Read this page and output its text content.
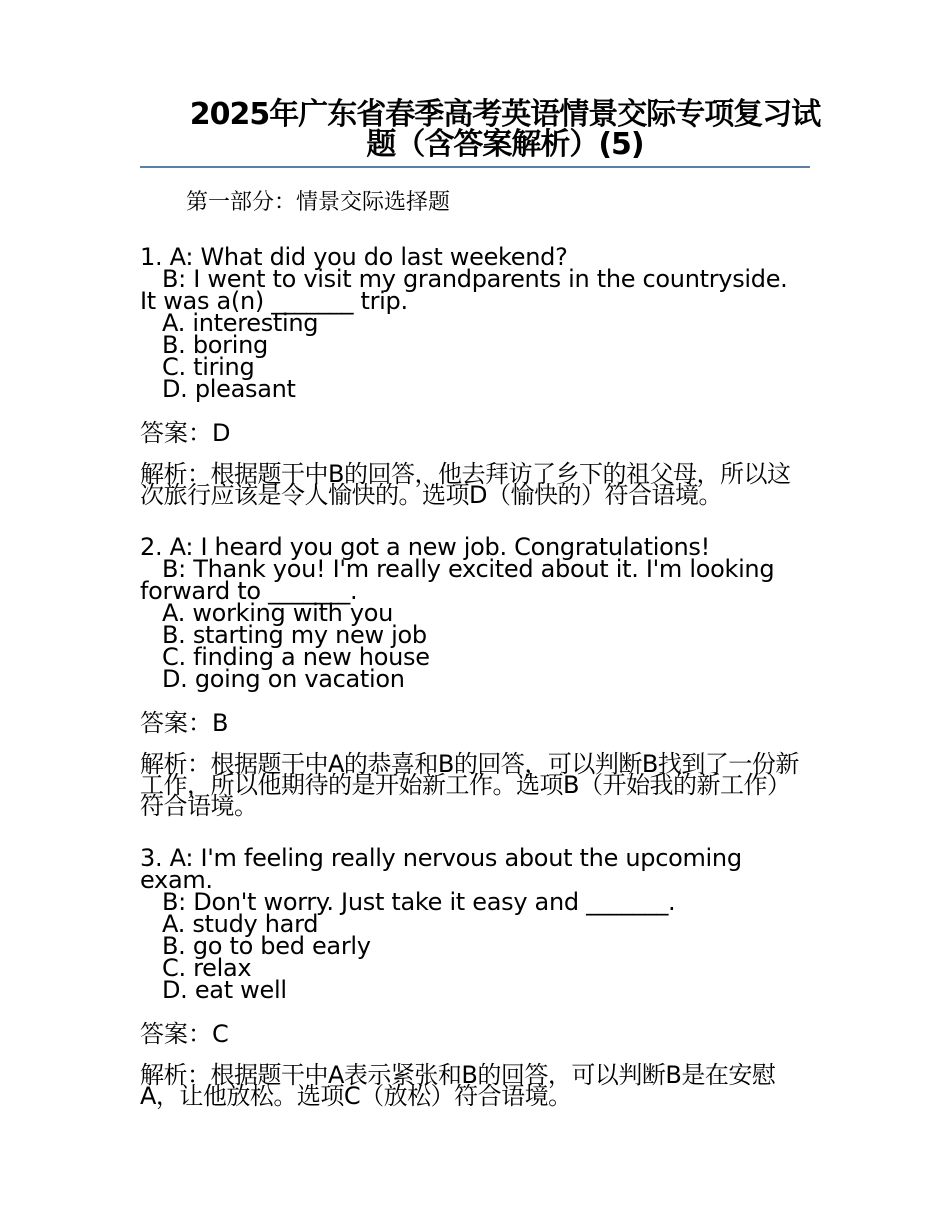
2025年广东省春季高考英语情景交际专项复习试题（含答案解析）(5)
第一部分：情景交际选择题
1. A: What did you do last weekend?
B: I went to visit my grandparents in the countryside. It was a(n) _______ trip.
A. interesting
B. boring
C. tiring
D. pleasant
答案：D
解析：根据题干中B的回答，他去拜访了乡下的祖父母，所以这次旅行应该是令人愉快的。选项D（愉快的）符合语境。
2. A: I heard you got a new job. Congratulations!
B: Thank you! I'm really excited about it. I'm looking forward to _______.
A. working with you
B. starting my new job
C. finding a new house
D. going on vacation
答案：B
解析：根据题干中A的恭喜和B的回答，可以判断B找到了一份新工作，所以他期待的是开始新工作。选项B（开始我的新工作）符合语境。
3. A: I'm feeling really nervous about the upcoming exam.
B: Don't worry. Just take it easy and _______.
A. study hard
B. go to bed early
C. relax
D. eat well
答案：C
解析：根据题干中A表示紧张和B的回答，可以判断B是在安慰A，让他放松。选项C（放松）符合语境。
